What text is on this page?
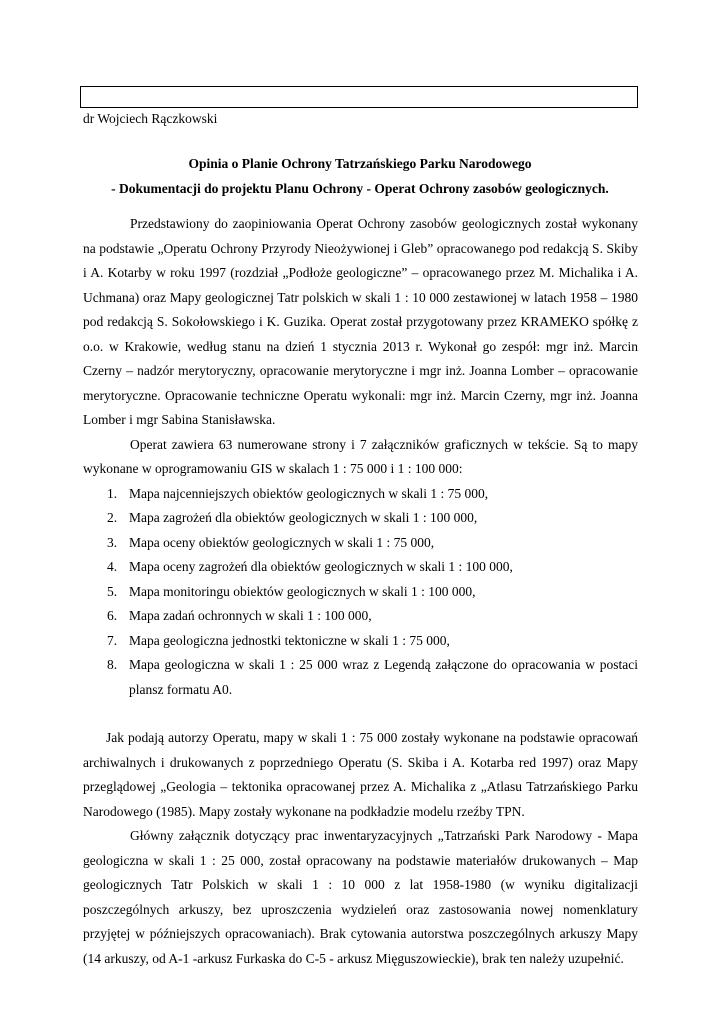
dr Wojciech Rączkowski
Opinia o Planie Ochrony Tatrzańskiego Parku Narodowego
- Dokumentacji do projektu Planu Ochrony - Operat Ochrony zasobów geologicznych.

Przedstawiony do zaopiniowania Operat Ochrony zasobów geologicznych został wykonany na podstawie „Operatu Ochrony Przyrody Nieożywionej i Gleb” opracowanego pod redakcją S. Skiby i A. Kotarby w roku 1997 (rozdział „Podłoże geologiczne” – opracowanego przez M. Michalika i A. Uchmana) oraz Mapy geologicznej Tatr polskich w skali 1 : 10 000 zestawionej w latach 1958 – 1980 pod redakcją S. Sokołowskiego i K. Guzika. Operat został przygotowany przez KRAMEKO spółkę z o.o. w Krakowie, według stanu na dzień 1 stycznia 2013 r. Wykonał go zespół: mgr inż. Marcin Czerny – nadzór merytoryczny, opracowanie merytoryczne i mgr inż. Joanna Lomber – opracowanie merytoryczne. Opracowanie techniczne Operatu wykonali: mgr inż. Marcin Czerny, mgr inż. Joanna Lomber i mgr Sabina Stanisławska.

Operat zawiera 63 numerowane strony i 7 załączników graficznych w tekście. Są to mapy wykonane w oprogramowaniu GIS w skalach 1 : 75 000 i 1 : 100 000:

1. Mapa najcenniejszych obiektów geologicznych w skali 1 : 75 000,
2. Mapa zagrożeń dla obiektów geologicznych w skali 1 : 100 000,
3. Mapa oceny obiektów geologicznych w skali 1 : 75 000,
4. Mapa oceny zagrożeń dla obiektów geologicznych w skali 1 : 100 000,
5. Mapa monitoringu obiektów geologicznych w skali 1 : 100 000,
6. Mapa zadań ochronnych w skali 1 : 100 000,
7. Mapa geologiczna jednostki tektoniczne w skali 1 : 75 000,
8. Mapa geologiczna w skali 1 : 25 000 wraz z Legendą załączone do opracowania w postaci plansz formatu A0.

Jak podają autorzy Operatu, mapy w skali 1 : 75 000 zostały wykonane na podstawie opracowań archiwalnych i drukowanych z poprzedniego Operatu (S. Skiba i A. Kotarba red 1997) oraz Mapy przeglądowej „Geologia – tektonika opracowanej przez A. Michalika z „Atlasu Tatrzańskiego Parku Narodowego (1985). Mapy zostały wykonane na podkładzie modelu rzeźby TPN.

Główny załącznik dotyczący prac inwentaryzacyjnych „Tatrzański Park Narodowy - Mapa geologiczna w skali 1 : 25 000, został opracowany na podstawie materiałów drukowanych – Map geologicznych Tatr Polskich w skali 1 : 10 000 z lat 1958-1980 (w wyniku digitalizacji poszczególnych arkuszy, bez uproszczenia wydzieleń oraz zastosowania nowej nomenklatury przyjętej w późniejszych opracowaniach). Brak cytowania autorstwa poszczególnych arkuszy Mapy (14 arkuszy, od A-1 -arkusz Furkaska do C-5 - arkusz Mięguszowieckie), brak ten należy uzupełnić.
